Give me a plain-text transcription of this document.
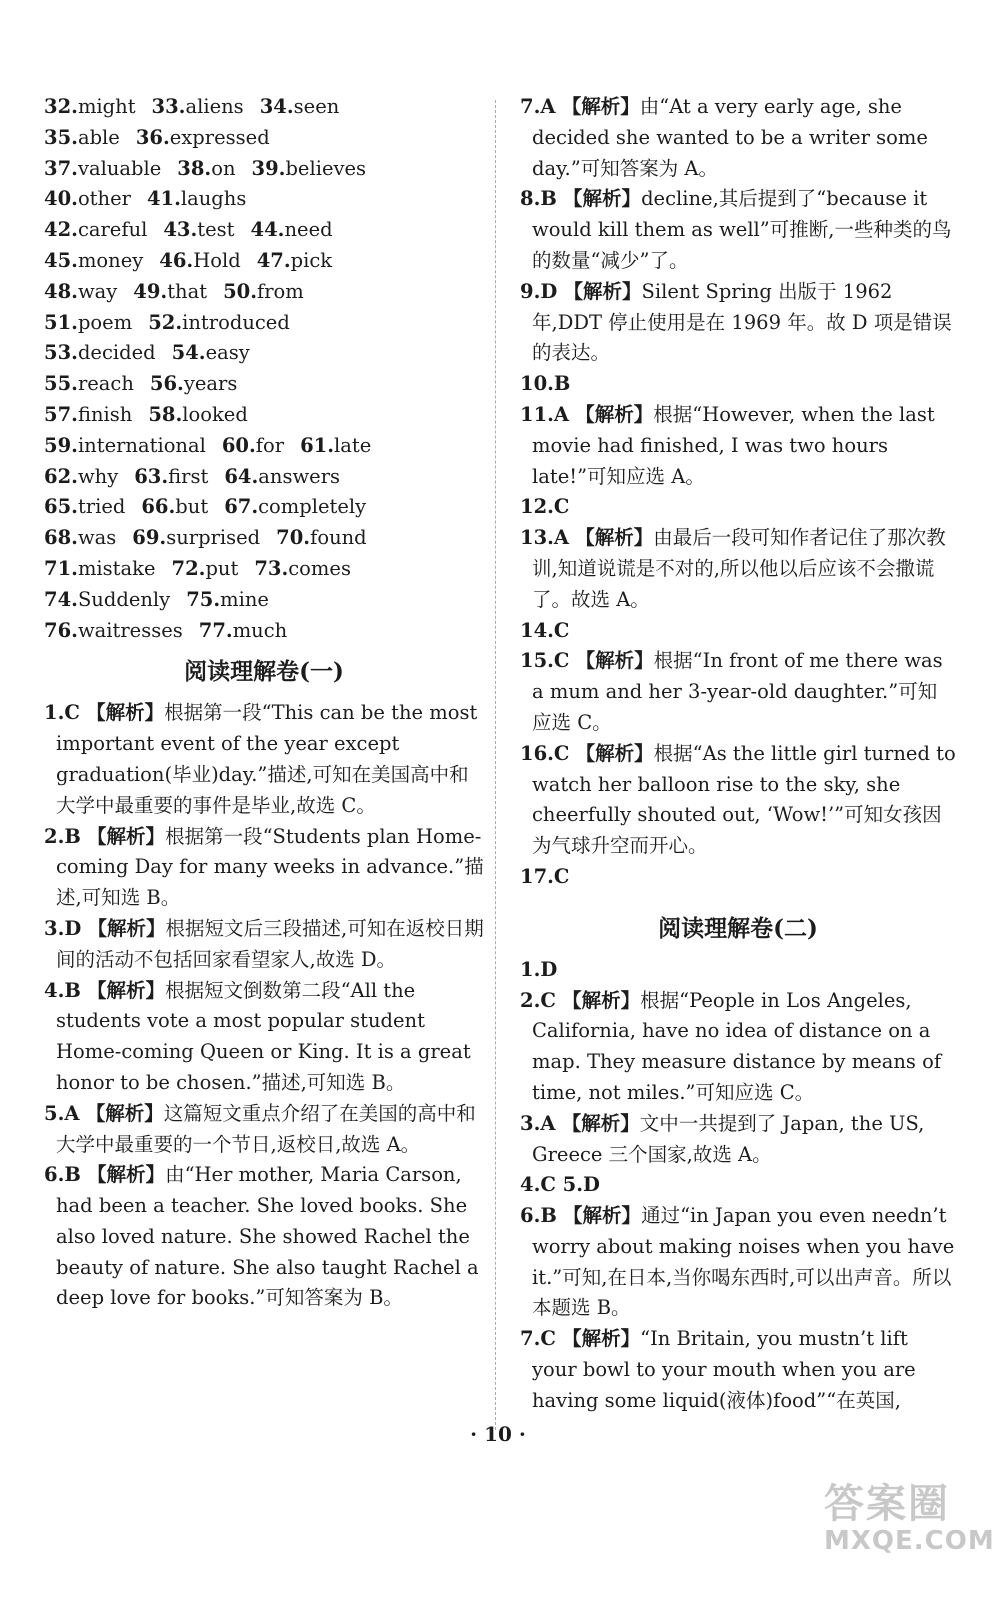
32.might 33.aliens 34.seen
35.able 36.expressed
37.valuable 38.on 39.believes
40.other 41.laughs
42.careful 43.test 44.need
45.money 46.Hold 47.pick
48.way 49.that 50.from
51.poem 52.introduced
53.decided 54.easy
55.reach 56.years
57.finish 58.looked
59.international 60.for 61.late
62.why 63.first 64.answers
65.tried 66.but 67.completely
68.was 69.surprised 70.found
71.mistake 72.put 73.comes
74.Suddenly 75.mine
76.waitresses 77.much
阅读理解卷(一)
1.C 【解析】根据第一段“This can be the most important event of the year except graduation(毕业)day.”描述,可知在美国高中和大学中最重要的事件是毕业,故选 C。
2.B 【解析】根据第一段“Students plan Home-coming Day for many weeks in advance.”描述,可知选 B。
3.D 【解析】根据短文后三段描述,可知在返校日期间的活动不包括回家看望家人,故选 D。
4.B 【解析】根据短文倒数第二段“All the students vote a most popular student Home-coming Queen or King. It is a great honor to be chosen.”描述,可知选 B。
5.A 【解析】这篇短文重点介绍了在美国的高中和大学中最重要的一个节日,返校日,故选 A。
6.B 【解析】由“Her mother, Maria Carson, had been a teacher. She loved books. She also loved nature. She showed Rachel the beauty of nature. She also taught Rachel a deep love for books.”可知答案为 B。
7.A 【解析】由“At a very early age, she decided she wanted to be a writer some day.”可知答案为 A。
8.B 【解析】decline,其后提到了“because it would kill them as well”可推断,一些种类的鸟的数量“减少”了。
9.D 【解析】Silent Spring 出版于 1962 年,DDT 停止使用是在 1969 年。故 D 项是错误的表达。
10.B
11.A 【解析】根据“However, when the last movie had finished, I was two hours late!”可知应选 A。
12.C
13.A 【解析】由最后一段可知作者记住了那次教训,知道说谎是不对的,所以他以后应该不会撒谎了。故选 A。
14.C
15.C 【解析】根据“In front of me there was a mum and her 3-year-old daughter.”可知应选 C。
16.C 【解析】根据“As the little girl turned to watch her balloon rise to the sky, she cheerfully shouted out, ‘Wow!’”可知女孩因为气球升空而开心。
17.C
阅读理解卷(二)
1.D
2.C 【解析】根据“People in Los Angeles, California, have no idea of distance on a map. They measure distance by means of time, not miles.”可知应选 C。
3.A 【解析】文中一共提到了 Japan, the US, Greece 三个国家,故选 A。
4.C 5.D
6.B 【解析】通过“in Japan you even needn’t worry about making noises when you have it.”可知,在日本,当你喝东西时,可以出声音。所以本题选 B。
7.C 【解析】“In Britain, you mustn’t lift your bowl to your mouth when you are having some liquid(液体)food”“在英国,
· 10 ·
答案圈
MXQE.COM
